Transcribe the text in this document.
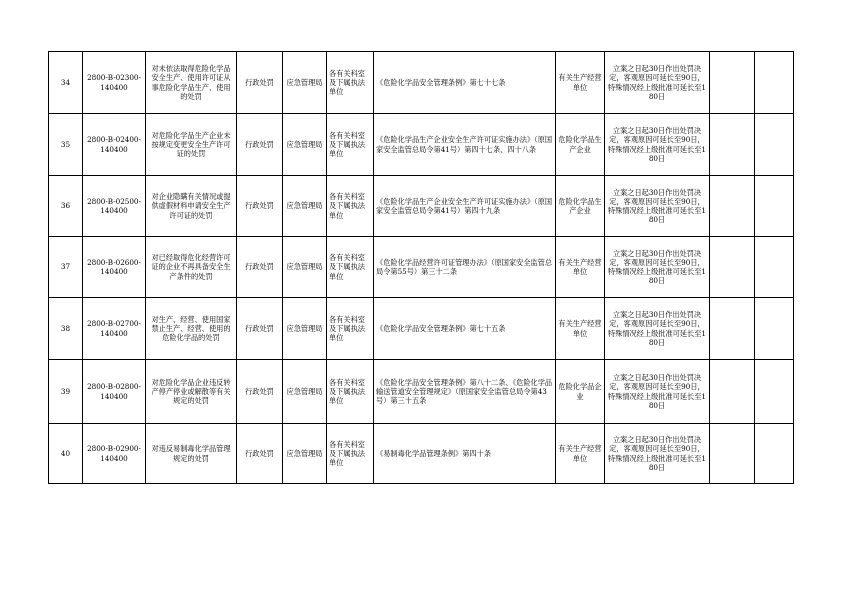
34	2800-B-02300-140400	对未依法取得危险化学品安全生产、使用许可证从事危险化学品生产、使用的处罚	行政处罚	应急管理局	各有关科室及下属执法单位	《危险化学品安全管理条例》第七十七条	有关生产经营单位	立案之日起30日作出处罚决定，客观原因可延长至90日，特殊情况经上级批准可延长至180日		
35	2800-B-02400-140400	对危险化学品生产企业未按规定变更安全生产许可证的处罚	行政处罚	应急管理局	各有关科室及下属执法单位	《危险化学品生产企业安全生产许可证实施办法》（原国家安全监管总局令第41号）第四十七条、四十八条	危险化学品生产企业	立案之日起30日作出处罚决定，客观原因可延长至90日，特殊情况经上级批准可延长至180日		
36	2800-B-02500-140400	对企业隐瞒有关情况或提供虚假材料申请安全生产许可证的处罚	行政处罚	应急管理局	各有关科室及下属执法单位	《危险化学品生产企业安全生产许可证实施办法》（原国家安全监管总局令第41号）第四十九条	危险化学品生产企业	立案之日起30日作出处罚决定，客观原因可延长至90日，特殊情况经上级批准可延长至180日		
37	2800-B-02600-140400	对已经取得危化经营许可证的企业不再具备安全生产条件的处罚	行政处罚	应急管理局	各有关科室及下属执法单位	《危险化学品经营许可证管理办法》（原国家安全监管总局令第55号）第三十二条	有关生产经营单位	立案之日起30日作出处罚决定，客观原因可延长至90日，特殊情况经上级批准可延长至180日		
38	2800-B-02700-140400	对生产、经营、使用国家禁止生产、经营、使用的危险化学品的处罚	行政处罚	应急管理局	各有关科室及下属执法单位	《危险化学品安全管理条例》第七十五条	有关生产经营单位	立案之日起30日作出处罚决定，客观原因可延长至90日，特殊情况经上级批准可延长至180日		
39	2800-B-02800-140400	对危险化学品企业违反转产停产停业或解散等有关规定的处罚	行政处罚	应急管理局	各有关科室及下属执法单位	《危险化学品安全管理条例》第八十二条、《危险化学品输送管道安全管理规定》（原国家安全监管总局令第43号）第三十五条	危险化学品企业	立案之日起30日作出处罚决定，客观原因可延长至90日，特殊情况经上级批准可延长至180日		
40	2800-B-02900-140400	对违反易制毒化学品管理规定的处罚	行政处罚	应急管理局	各有关科室及下属执法单位	《易制毒化学品管理条例》第四十条	有关生产经营单位	立案之日起30日作出处罚决定，客观原因可延长至90日，特殊情况经上级批准可延长至180日		
